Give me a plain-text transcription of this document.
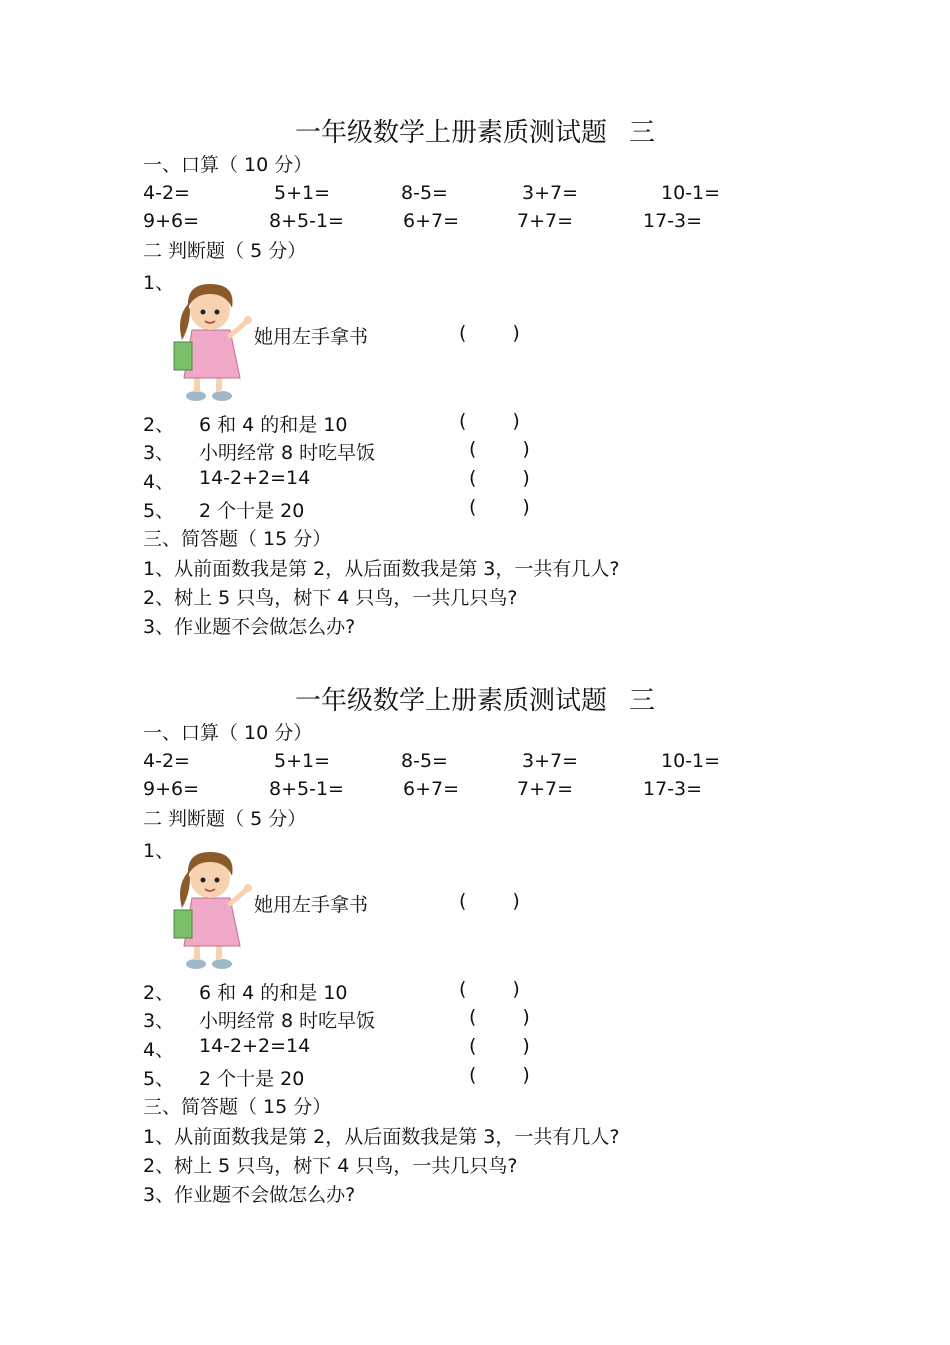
一年级数学上册素质测试题 三
一、口算（ 10 分）
4-2=	5+1=	8-5=	3+7=	10-1=
9+6=	8+5-1=	6+7=	7+7=	17-3=
二 判断题（ 5 分）
1、
她用左手拿书	( )
2、 6 和 4 的和是 10	( )
3、 小明经常 8 时吃早饭	( )
4、 14-2+2=14	( )
5、 2 个十是 20	( )
三、简答题（ 15 分）
1、从前面数我是第 2，从后面数我是第 3，一共有几人?
2、树上 5 只鸟，树下 4 只鸟，一共几只鸟?
3、作业题不会做怎么办?
一年级数学上册素质测试题 三
一、口算（ 10 分）
4-2=	5+1=	8-5=	3+7=	10-1=
9+6=	8+5-1=	6+7=	7+7=	17-3=
二 判断题（ 5 分）
1、
她用左手拿书	( )
2、 6 和 4 的和是 10	( )
3、 小明经常 8 时吃早饭	( )
4、 14-2+2=14	( )
5、 2 个十是 20	( )
三、简答题（ 15 分）
1、从前面数我是第 2，从后面数我是第 3，一共有几人?
2、树上 5 只鸟，树下 4 只鸟，一共几只鸟?
3、作业题不会做怎么办?
